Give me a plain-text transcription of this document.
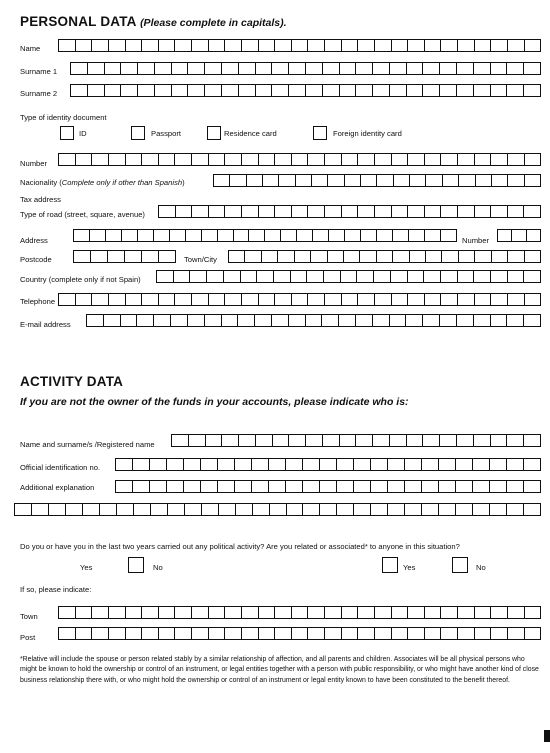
PERSONAL DATA (Please complete in capitals).
Name
Surname 1
Surname 2
Type of identity document
ID	Passport	Residence card	Foreign identity card
Number
Nacionality (Complete only if other than Spanish)
Tax address
Type of road (street, square, avenue)
Address	Number
Postcode	Town/City
Country (complete only if not Spain)
Telephone
E-mail address
ACTIVITY DATA
If you are not the owner of the funds in your accounts, please indicate who is:
Name and surname/s /Registered name
Official identification no.
Additional explanation
Do you or have you in the last two years carried out any political activity? Are you related or associated* to anyone in this situation?
Yes	No	Yes	No
If so, please indicate:
Town
Post
*Relative will include the spouse or person related stably by a similar relationship of affection, and all parents and children. Associates will be all physical persons who might be known to hold the ownership or control of an instrument, or legal entities together with a person with public responsibility, or who might have another kind of close business relationship there with, or who might hold the ownership or control of an instrument or legal entity known to have been constituted to the benefit thereof.
